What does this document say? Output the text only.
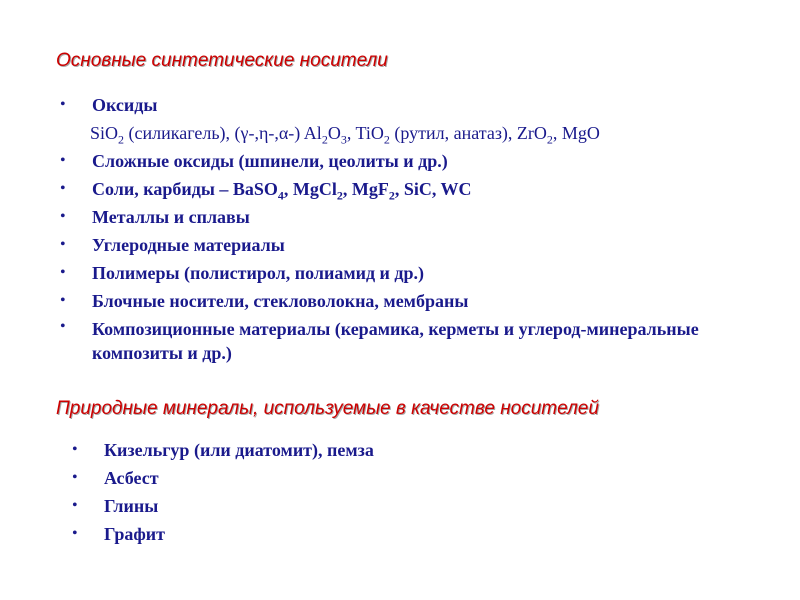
Основные синтетические носители
• Оксиды
SiO$_2$ (силикагель), (γ-,η-,α-) $Al_2O_3$, TiO$_2$ (рутил, анатаз), ZrO$_2$, MgO
• Сложные оксиды (шпинели, цеолиты и др.)
• Соли, карбиды – BaSO$_4$, MgCl$_2$, MgF$_2$, SiC, WC
• Металлы и сплавы
• Углеродные материалы
• Полимеры (полистирол, полиамид и др.)
• Блочные носители, стекловолокна, мембраны
• Композиционные материалы (керамика, керметы и углерод-минеральные композиты и др.)
Природные минералы, используемые в качестве носителей
• Кизельгур (или диатомит), пемза
• Асбест
• Глины
• Графит
